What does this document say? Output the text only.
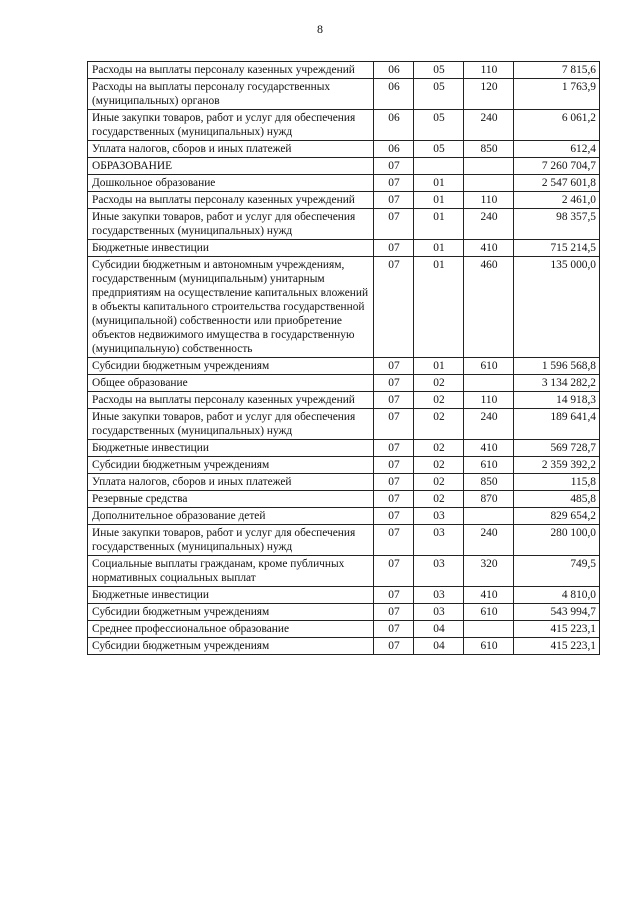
8
Расходы на выплаты персоналу казенных учреждений	06	05	110	7 815,6
Расходы на выплаты персоналу государственных (муниципальных) органов	06	05	120	1 763,9
Иные закупки товаров, работ и услуг для обеспечения государственных (муниципальных) нужд	06	05	240	6 061,2
Уплата налогов, сборов и иных платежей	06	05	850	612,4
ОБРАЗОВАНИЕ	07			7 260 704,7
Дошкольное образование	07	01		2 547 601,8
Расходы на выплаты персоналу казенных учреждений	07	01	110	2 461,0
Иные закупки товаров, работ и услуг для обеспечения государственных (муниципальных) нужд	07	01	240	98 357,5
Бюджетные инвестиции	07	01	410	715 214,5
Субсидии бюджетным и автономным учреждениям, государственным (муниципальным) унитарным предприятиям на осуществление капитальных вложений в объекты капитального строительства государственной (муниципальной) собственности или приобретение объектов недвижимого имущества в государственную (муниципальную) собственность	07	01	460	135 000,0
Субсидии бюджетным учреждениям	07	01	610	1 596 568,8
Общее образование	07	02		3 134 282,2
Расходы на выплаты персоналу казенных учреждений	07	02	110	14 918,3
Иные закупки товаров, работ и услуг для обеспечения государственных (муниципальных) нужд	07	02	240	189 641,4
Бюджетные инвестиции	07	02	410	569 728,7
Субсидии бюджетным учреждениям	07	02	610	2 359 392,2
Уплата налогов, сборов и иных платежей	07	02	850	115,8
Резервные средства	07	02	870	485,8
Дополнительное образование детей	07	03		829 654,2
Иные закупки товаров, работ и услуг для обеспечения государственных (муниципальных) нужд	07	03	240	280 100,0
Социальные выплаты гражданам, кроме публичных нормативных социальных выплат	07	03	320	749,5
Бюджетные инвестиции	07	03	410	4 810,0
Субсидии бюджетным учреждениям	07	03	610	543 994,7
Среднее профессиональное образование	07	04		415 223,1
Субсидии бюджетным учреждениям	07	04	610	415 223,1
